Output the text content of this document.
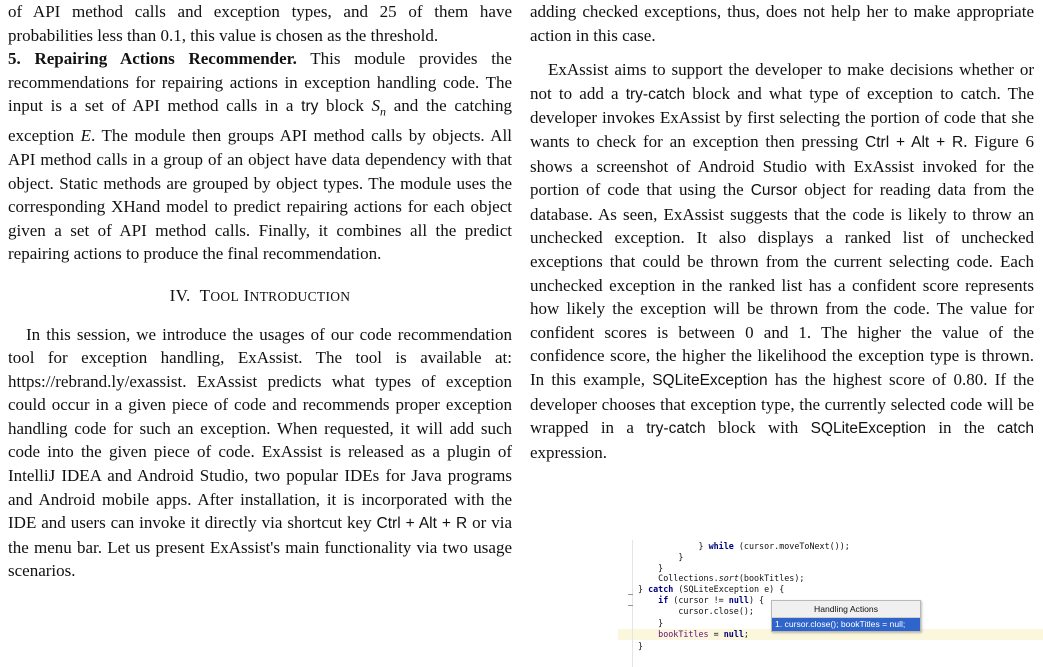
of API method calls and exception types, and 25 of them have probabilities less than 0.1, this value is chosen as the threshold.

5. Repairing Actions Recommender. This module provides the recommendations for repairing actions in exception handling code. The input is a set of API method calls in a try block $S_n$ and the catching exception E. The module then groups API method calls by objects. All API method calls in a group of an object have data dependency with that object. Static methods are grouped by object types. The module uses the corresponding XHand model to predict repairing actions for each object given a set of API method calls. Finally, it combines all the predict repairing actions to produce the final recommendation.

IV. TOOL INTRODUCTION

In this session, we introduce the usages of our code recommendation tool for exception handling, ExAssist. The tool is available at: https://rebrand.ly/exassist. ExAssist predicts what types of exception could occur in a given piece of code and recommends proper exception handling code for such an exception. When requested, it will add such code into the given piece of code. ExAssist is released as a plugin of IntelliJ IDEA and Android Studio, two popular IDEs for Java programs and Android mobile apps. After installation, it is incorporated with the IDE and users can invoke it directly via shortcut key Ctrl + Alt + R or via the menu bar. Let us present ExAssist's main functionality via two usage scenarios.

adding checked exceptions, thus, does not help her to make appropriate action in this case.

ExAssist aims to support the developer to make decisions whether or not to add a try-catch block and what type of exception to catch. The developer invokes ExAssist by first selecting the portion of code that she wants to check for an exception then pressing Ctrl + Alt + R. Figure 6 shows a screenshot of Android Studio with ExAssist invoked for the portion of code that using the Cursor object for reading data from the database. As seen, ExAssist suggests that the code is likely to throw an unchecked exception. It also displays a ranked list of unchecked exceptions that could be thrown from the current selecting code. Each unchecked exception in the ranked list has a confident score represents how likely the exception will be thrown from the code. The value for confident scores is between 0 and 1. The higher the value of the confidence score, the higher the likelihood the exception type is thrown. In this example, SQLiteException has the highest score of 0.80. If the developer chooses that exception type, the currently selected code will be wrapped in a try-catch block with SQLiteException in the catch expression.

} while (cursor.moveToNext());
}
}
Collections.sort(bookTitles);
} catch (SQLiteException e) {
if (cursor != null) {
cursor.close();
}
bookTitles = null;
}
Handling Actions
1. cursor.close(); bookTitles = null;
